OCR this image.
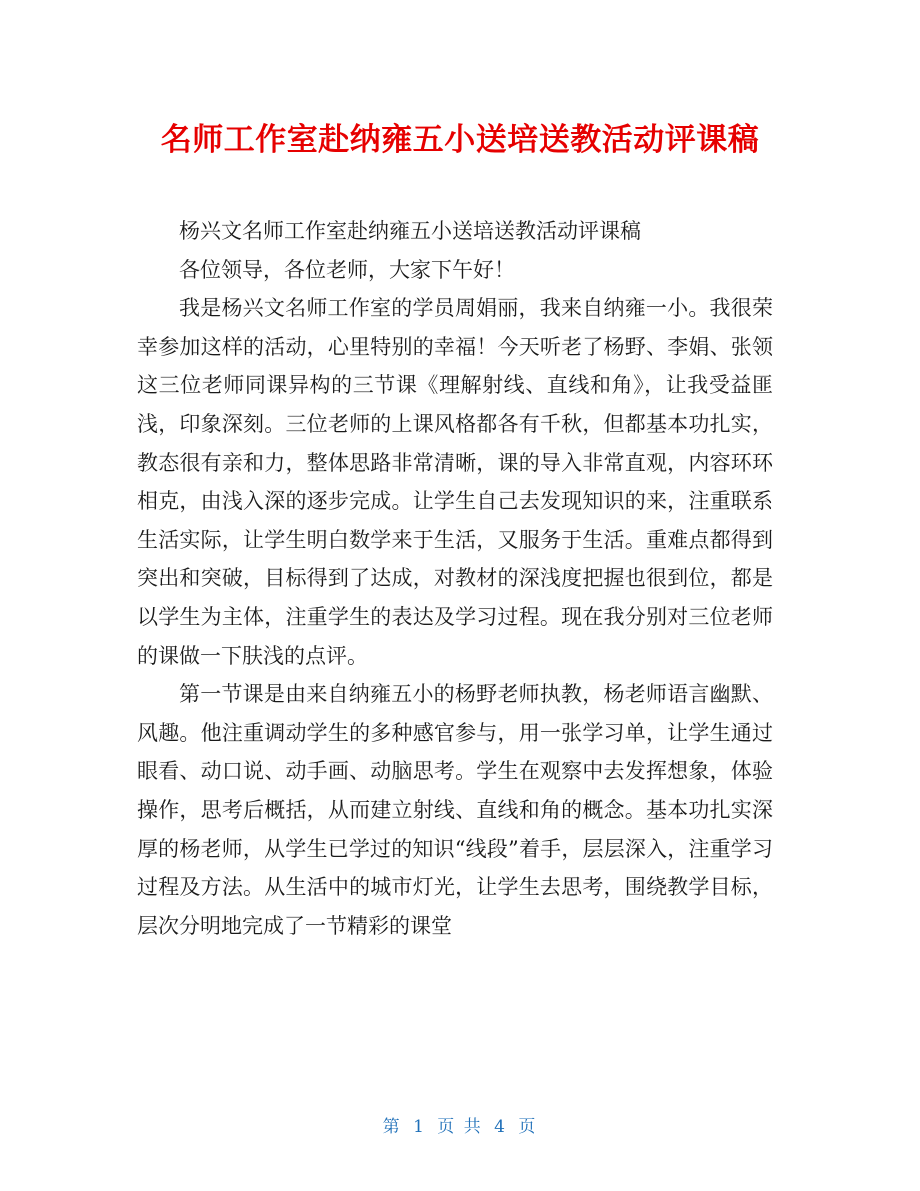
名师工作室赴纳雍五小送培送教活动评课稿

杨兴文名师工作室赴纳雍五小送培送教活动评课稿

各位领导，各位老师，大家下午好！

我是杨兴文名师工作室的学员周娟丽，我来自纳雍一小。我很荣幸参加这样的活动，心里特别的幸福！今天听老了杨野、李娟、张领这三位老师同课异构的三节课《理解射线、直线和角》，让我受益匪浅，印象深刻。三位老师的上课风格都各有千秋，但都基本功扎实，教态很有亲和力，整体思路非常清晰，课的导入非常直观，内容环环相克，由浅入深的逐步完成。让学生自己去发现知识的来，注重联系生活实际，让学生明白数学来于生活，又服务于生活。重难点都得到突出和突破，目标得到了达成，对教材的深浅度把握也很到位，都是以学生为主体，注重学生的表达及学习过程。现在我分别对三位老师的课做一下肤浅的点评。

第一节课是由来自纳雍五小的杨野老师执教，杨老师语言幽默、风趣。他注重调动学生的多种感官参与，用一张学习单，让学生通过眼看、动口说、动手画、动脑思考。学生在观察中去发挥想象，体验操作，思考后概括，从而建立射线、直线和角的概念。基本功扎实深厚的杨老师，从学生已学过的知识“线段”着手，层层深入，注重学习过程及方法。从生活中的城市灯光，让学生去思考，围绕教学目标，层次分明地完成了一节精彩的课堂

第 1 页 共 4 页
